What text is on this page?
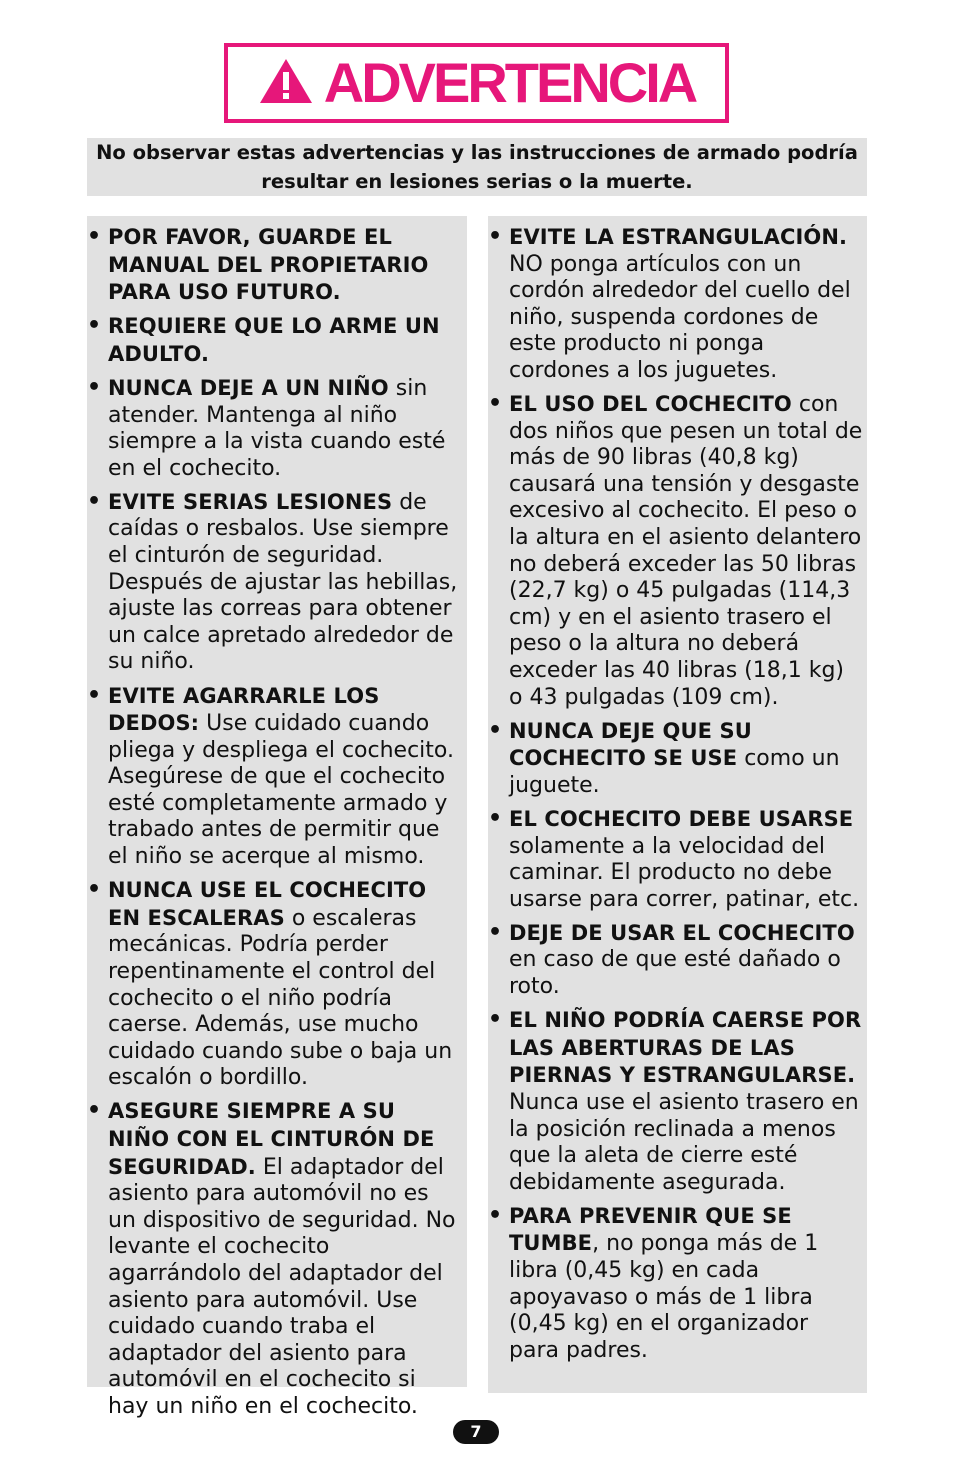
ADVERTENCIA
No observar estas advertencias y las instrucciones de armado podría resultar en lesiones serias o la muerte.
• POR FAVOR, GUARDE EL MANUAL DEL PROPIETARIO PARA USO FUTURO.
• REQUIERE QUE LO ARME UN ADULTO.
• NUNCA DEJE A UN NIÑO sin atender. Mantenga al niño siempre a la vista cuando esté en el cochecito.
• EVITE SERIAS LESIONES de caídas o resbalos. Use siempre el cinturón de seguridad. Después de ajustar las hebillas, ajuste las correas para obtener un calce apretado alrededor de su niño.
• EVITE AGARRARLE LOS DEDOS: Use cuidado cuando pliega y despliega el cochecito. Asegúrese de que el cochecito esté completamente armado y trabado antes de permitir que el niño se acerque al mismo.
• NUNCA USE EL COCHECITO EN ESCALERAS o escaleras mecánicas. Podría perder repentinamente el control del cochecito o el niño podría caerse. Además, use mucho cuidado cuando sube o baja un escalón o bordillo.
• ASEGURE SIEMPRE A SU NIÑO CON EL CINTURÓN DE SEGURIDAD. El adaptador del asiento para automóvil no es un dispositivo de seguridad. No levante el cochecito agarrándolo del adaptador del asiento para automóvil. Use cuidado cuando traba el adaptador del asiento para automóvil en el cochecito si hay un niño en el cochecito.
• EVITE LA ESTRANGULACIÓN. NO ponga artículos con un cordón alrededor del cuello del niño, suspenda cordones de este producto ni ponga cordones a los juguetes.
• EL USO DEL COCHECITO con dos niños que pesen un total de más de 90 libras (40,8 kg) causará una tensión y desgaste excesivo al cochecito. El peso o la altura en el asiento delantero no deberá exceder las 50 libras (22,7 kg) o 45 pulgadas (114,3 cm) y en el asiento trasero el peso o la altura no deberá exceder las 40 libras (18,1 kg) o 43 pulgadas (109 cm).
• NUNCA DEJE QUE SU COCHECITO SE USE como un juguete.
• EL COCHECITO DEBE USARSE solamente a la velocidad del caminar. El producto no debe usarse para correr, patinar, etc.
• DEJE DE USAR EL COCHECITO en caso de que esté dañado o roto.
• EL NIÑO PODRÍA CAERSE POR LAS ABERTURAS DE LAS PIERNAS Y ESTRANGULARSE. Nunca use el asiento trasero en la posición reclinada a menos que la aleta de cierre esté debidamente asegurada.
• PARA PREVENIR QUE SE TUMBE, no ponga más de 1 libra (0,45 kg) en cada apoyavaso o más de 1 libra (0,45 kg) en el organizador para padres.
7
